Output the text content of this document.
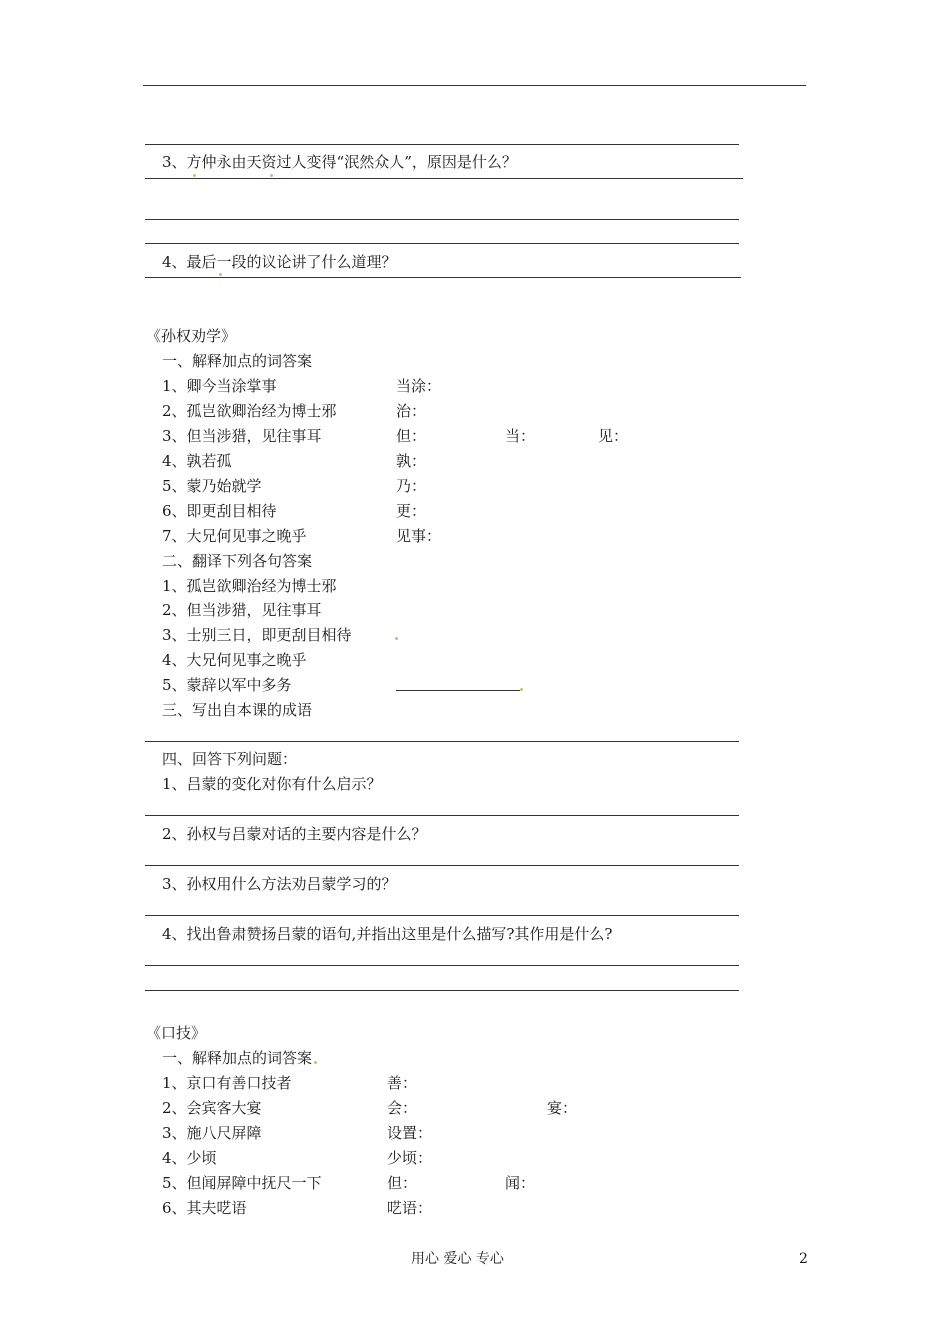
3、方仲永由天资过人变得“泯然众人”，原因是什么？
4、最后一段的议论讲了什么道理？
《孙权劝学》
一、解释加点的词答案
1、卿今当涂掌事	当涂：
2、孤岂欲卿治经为博士邪	治：
3、但当涉猎，见往事耳	但：	当：	见：
4、孰若孤	孰：
5、蒙乃始就学	乃：
6、即更刮目相待	更：
7、大兄何见事之晚乎	见事：
二、翻译下列各句答案
1、孤岂欲卿治经为博士邪
2、但当涉猎，见往事耳
3、士别三日，即更刮目相待
4、大兄何见事之晚乎
5、蒙辞以军中多务
三、写出自本课的成语
四、回答下列问题：
1、吕蒙的变化对你有什么启示？
2、孙权与吕蒙对话的主要内容是什么？
3、孙权用什么方法劝吕蒙学习的？
4、找出鲁肃赞扬吕蒙的语句,并指出这里是什么描写?其作用是什么?
《口技》
一、解释加点的词答案
1、京口有善口技者	善：
2、会宾客大宴	会：	宴：
3、施八尺屏障	设置：
4、少顷	少顷：
5、但闻屏障中抚尺一下	但：	闻：
6、其夫呓语	呓语：
用心 爱心 专心	2
